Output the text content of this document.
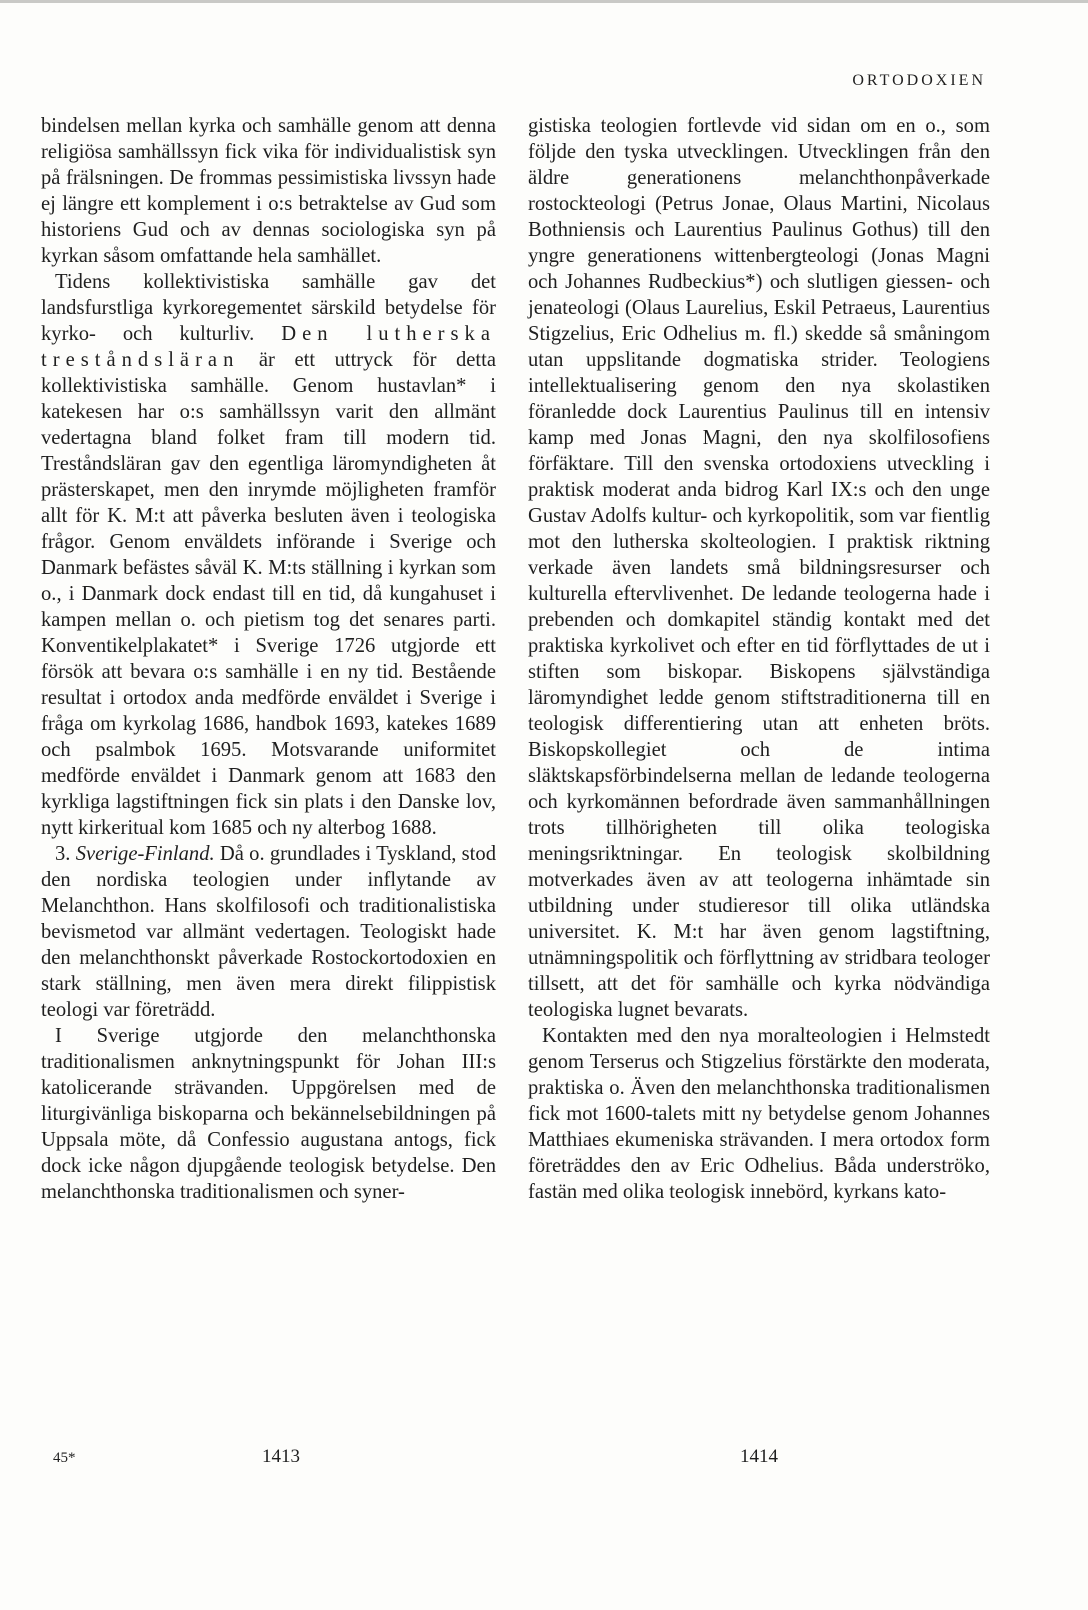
ORTODOXIEN

bindelsen mellan kyrka och samhälle genom att denna religiösa samhällssyn fick vika för individualistisk syn på frälsningen. De frommas pessimistiska livssyn hade ej längre ett komplement i o:s betraktelse av Gud som historiens Gud och av dennas sociologiska syn på kyrkan såsom omfattande hela samhället.

Tidens kollektivistiska samhälle gav det landsfurstliga kyrkoregementet särskild betydelse för kyrko- och kulturliv. Den lutherska treståndsläran är ett uttryck för detta kollektivistiska samhälle. Genom hustavlan* i katekesen har o:s samhällssyn varit den allmänt vedertagna bland folket fram till modern tid. Treståndsläran gav den egentliga läromyndigheten åt prästerskapet, men den inrymde möjligheten framför allt för K. M:t att påverka besluten även i teologiska frågor. Genom enväldets införande i Sverige och Danmark befästes såväl K. M:ts ställning i kyrkan som o., i Danmark dock endast till en tid, då kungahuset i kampen mellan o. och pietism tog det senares parti. Konventikelplakatet* i Sverige 1726 utgjorde ett försök att bevara o:s samhälle i en ny tid. Bestående resultat i ortodox anda medförde enväldet i Sverige i fråga om kyrkolag 1686, handbok 1693, katekes 1689 och psalmbok 1695. Motsvarande uniformitet medförde enväldet i Danmark genom att 1683 den kyrkliga lagstiftningen fick sin plats i den Danske lov, nytt kirkeritual kom 1685 och ny alterbog 1688.

3. Sverige-Finland. Då o. grundlades i Tyskland, stod den nordiska teologien under inflytande av Melanchthon. Hans skolfilosofi och traditionalistiska bevismetod var allmänt vedertagen. Teologiskt hade den melanchthonskt påverkade Rostockortodoxien en stark ställning, men även mera direkt filippistisk teologi var företrädd.

I Sverige utgjorde den melanchthonska traditionalismen anknytningspunkt för Johan III:s katolicerande strävanden. Uppgörelsen med de liturgivänliga biskoparna och bekännelsebildningen på Uppsala möte, då Confessio augustana antogs, fick dock icke någon djupgående teologisk betydelse. Den melanchthonska traditionalismen och syner-

gistiska teologien fortlevde vid sidan om en o., som följde den tyska utvecklingen. Utvecklingen från den äldre generationens melanchthonpåverkade rostockteologi (Petrus Jonae, Olaus Martini, Nicolaus Bothniensis och Laurentius Paulinus Gothus) till den yngre generationens wittenbergteologi (Jonas Magni och Johannes Rudbeckius*) och slutligen giessen- och jenateologi (Olaus Laurelius, Eskil Petraeus, Laurentius Stigzelius, Eric Odhelius m. fl.) skedde så småningom utan uppslitande dogmatiska strider. Teologiens intellektualisering genom den nya skolastiken föranledde dock Laurentius Paulinus till en intensiv kamp med Jonas Magni, den nya skolfilosofiens förfäktare. Till den svenska ortodoxiens utveckling i praktisk moderat anda bidrog Karl IX:s och den unge Gustav Adolfs kultur- och kyrkopolitik, som var fientlig mot den lutherska skolteologien. I praktisk riktning verkade även landets små bildningsresurser och kulturella eftervlivenhet. De ledande teologerna hade i prebenden och domkapitel ständig kontakt med det praktiska kyrkolivet och efter en tid förflyttades de ut i stiften som biskopar. Biskopens självständiga läromyndighet ledde genom stiftstraditionerna till en teologisk differentiering utan att enheten bröts. Biskopskollegiet och de intima släktskapsförbindelserna mellan de ledande teologerna och kyrkomännen befordrade även sammanhållningen trots tillhörigheten till olika teologiska meningsriktningar. En teologisk skolbildning motverkades även av att teologerna inhämtade sin utbildning under studieresor till olika utländska universitet. K. M:t har även genom lagstiftning, utnämningspolitik och förflyttning av stridbara teologer tillsett, att det för samhälle och kyrka nödvändiga teologiska lugnet bevarats.

Kontakten med den nya moralteologien i Helmstedt genom Terserus och Stigzelius förstärkte den moderata, praktiska o. Även den melanchthonska traditionalismen fick mot 1600-talets mitt ny betydelse genom Johannes Matthiaes ekumeniska strävanden. I mera ortodox form företräddes den av Eric Odhelius. Båda underströko, fastän med olika teologisk innebörd, kyrkans kato-

45*	1413	1414
